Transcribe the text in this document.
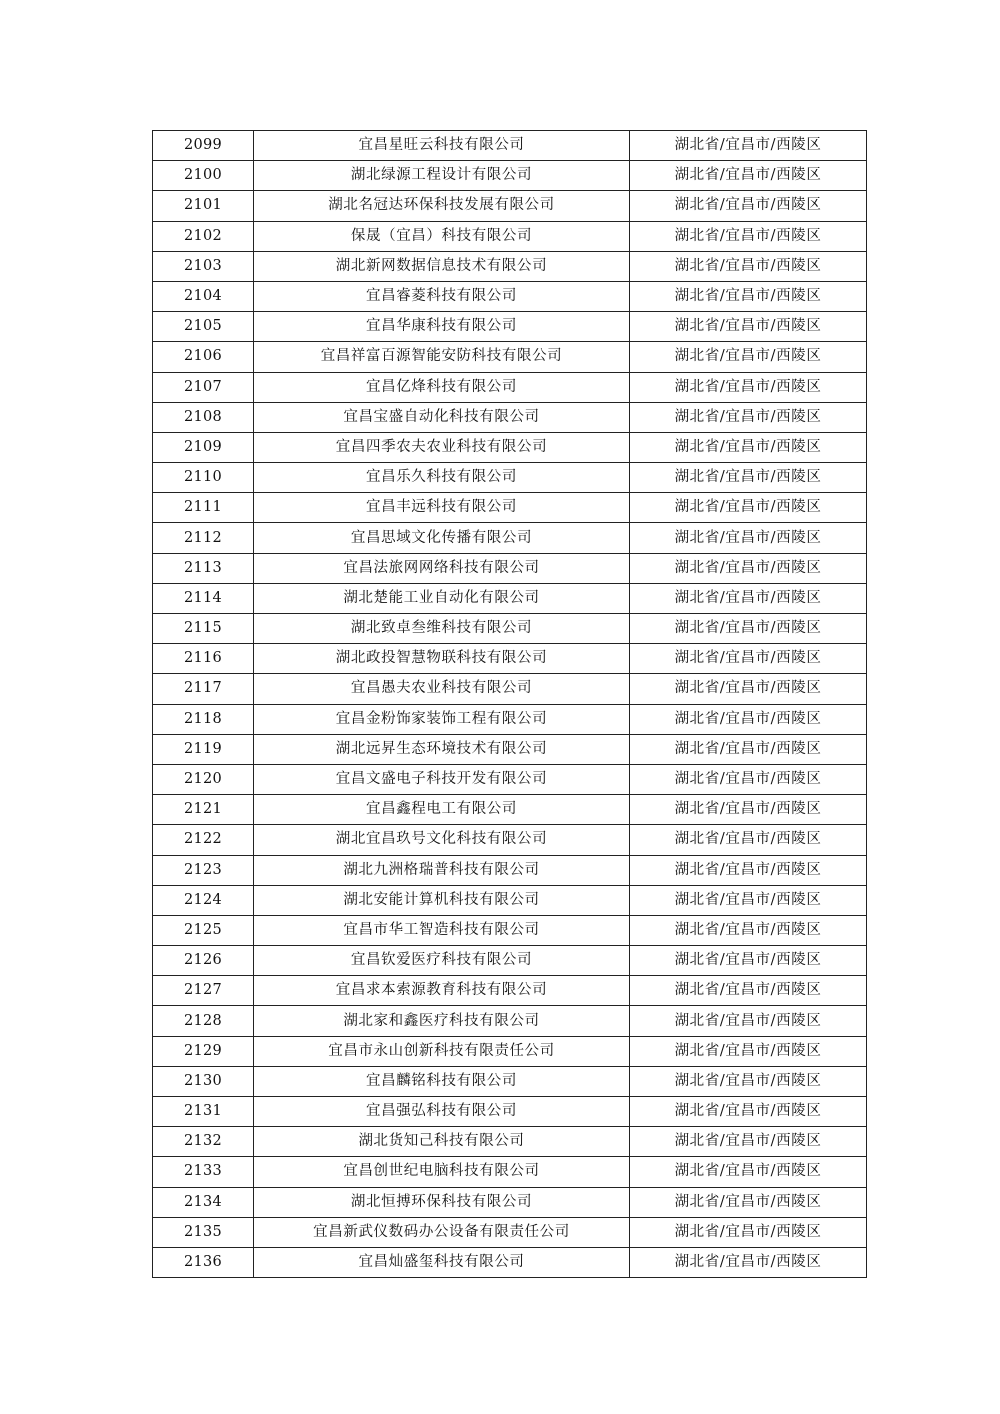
2099	宜昌星旺云科技有限公司	湖北省/宜昌市/西陵区
2100	湖北绿源工程设计有限公司	湖北省/宜昌市/西陵区
2101	湖北名冠达环保科技发展有限公司	湖北省/宜昌市/西陵区
2102	保晟（宜昌）科技有限公司	湖北省/宜昌市/西陵区
2103	湖北新网数据信息技术有限公司	湖北省/宜昌市/西陵区
2104	宜昌睿菱科技有限公司	湖北省/宜昌市/西陵区
2105	宜昌华康科技有限公司	湖北省/宜昌市/西陵区
2106	宜昌祥富百源智能安防科技有限公司	湖北省/宜昌市/西陵区
2107	宜昌亿烽科技有限公司	湖北省/宜昌市/西陵区
2108	宜昌宝盛自动化科技有限公司	湖北省/宜昌市/西陵区
2109	宜昌四季农夫农业科技有限公司	湖北省/宜昌市/西陵区
2110	宜昌乐久科技有限公司	湖北省/宜昌市/西陵区
2111	宜昌丰远科技有限公司	湖北省/宜昌市/西陵区
2112	宜昌思域文化传播有限公司	湖北省/宜昌市/西陵区
2113	宜昌法旅网网络科技有限公司	湖北省/宜昌市/西陵区
2114	湖北楚能工业自动化有限公司	湖北省/宜昌市/西陵区
2115	湖北致卓叁维科技有限公司	湖北省/宜昌市/西陵区
2116	湖北政投智慧物联科技有限公司	湖北省/宜昌市/西陵区
2117	宜昌愚夫农业科技有限公司	湖北省/宜昌市/西陵区
2118	宜昌金粉饰家装饰工程有限公司	湖北省/宜昌市/西陵区
2119	湖北远昇生态环境技术有限公司	湖北省/宜昌市/西陵区
2120	宜昌文盛电子科技开发有限公司	湖北省/宜昌市/西陵区
2121	宜昌鑫程电工有限公司	湖北省/宜昌市/西陵区
2122	湖北宜昌玖号文化科技有限公司	湖北省/宜昌市/西陵区
2123	湖北九洲格瑞普科技有限公司	湖北省/宜昌市/西陵区
2124	湖北安能计算机科技有限公司	湖北省/宜昌市/西陵区
2125	宜昌市华工智造科技有限公司	湖北省/宜昌市/西陵区
2126	宜昌钦爱医疗科技有限公司	湖北省/宜昌市/西陵区
2127	宜昌求本索源教育科技有限公司	湖北省/宜昌市/西陵区
2128	湖北家和鑫医疗科技有限公司	湖北省/宜昌市/西陵区
2129	宜昌市永山创新科技有限责任公司	湖北省/宜昌市/西陵区
2130	宜昌麟铭科技有限公司	湖北省/宜昌市/西陵区
2131	宜昌强弘科技有限公司	湖北省/宜昌市/西陵区
2132	湖北货知己科技有限公司	湖北省/宜昌市/西陵区
2133	宜昌创世纪电脑科技有限公司	湖北省/宜昌市/西陵区
2134	湖北恒搏环保科技有限公司	湖北省/宜昌市/西陵区
2135	宜昌新武仪数码办公设备有限责任公司	湖北省/宜昌市/西陵区
2136	宜昌灿盛玺科技有限公司	湖北省/宜昌市/西陵区
